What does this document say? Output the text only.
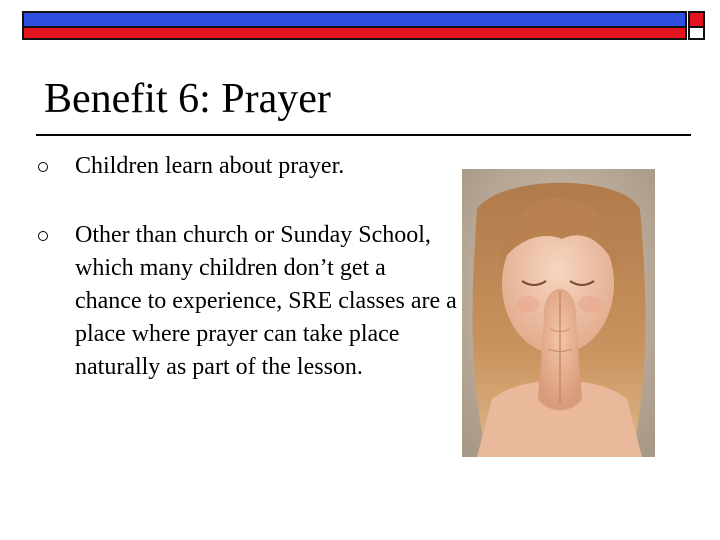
Benefit 6: Prayer
Children learn about prayer.
Other than church or Sunday School, which many children don’t get a chance to experience, SRE classes are a place where prayer can take place naturally as part of the lesson.
